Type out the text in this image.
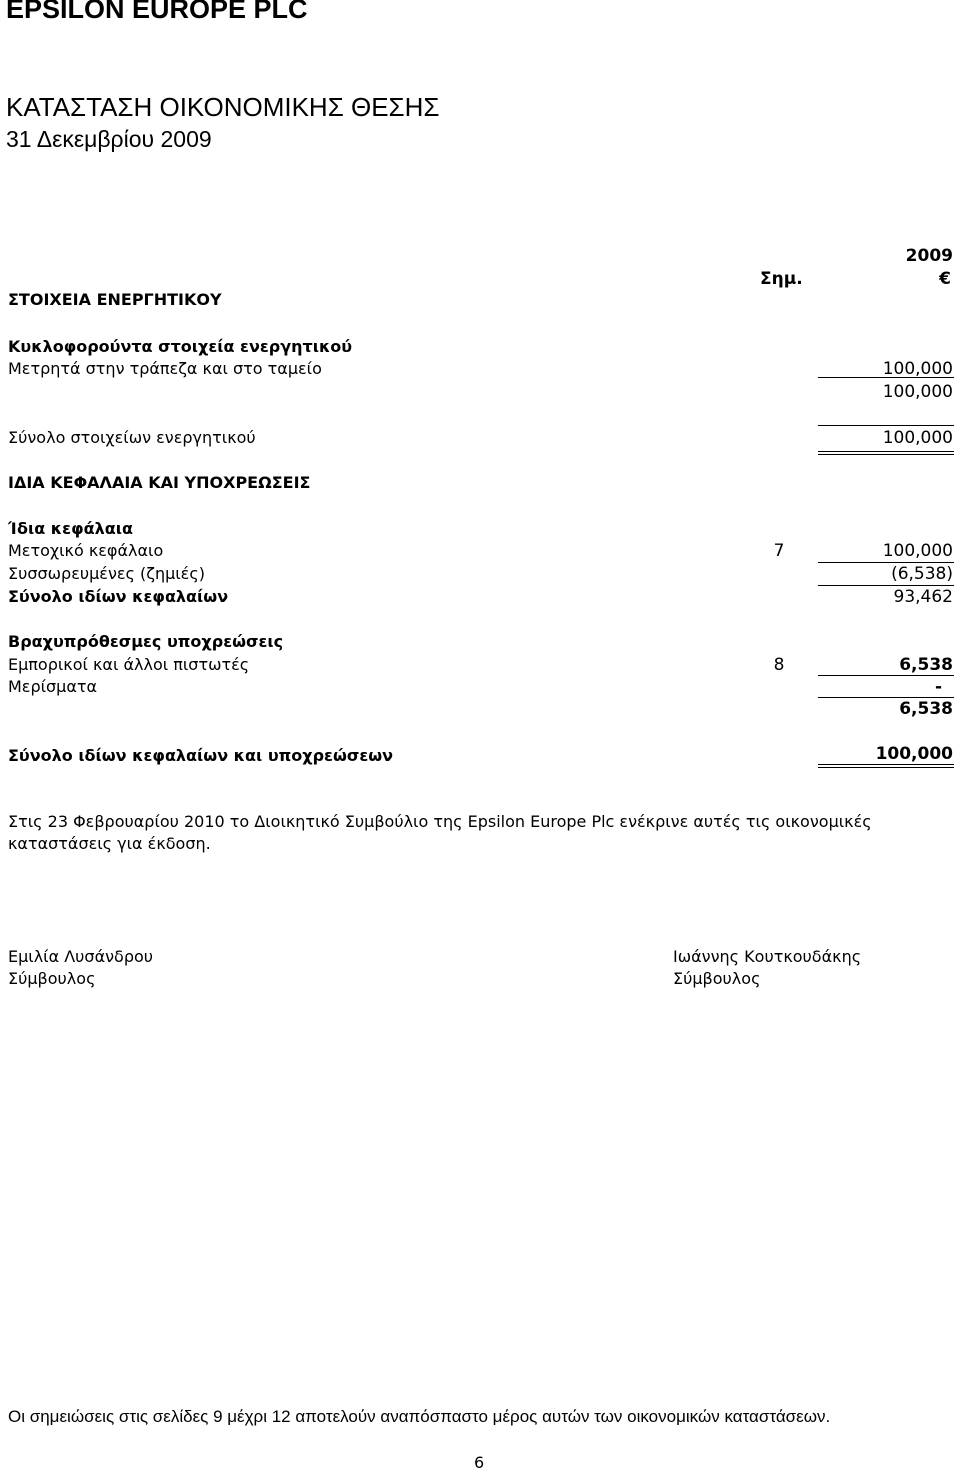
EPSILON EUROPE PLC
ΚΑΤΑΣΤΑΣΗ ΟΙΚΟΝΟΜΙΚΗΣ ΘΕΣΗΣ
31 Δεκεμβρίου 2009
2009
Σημ.	€
ΣΤΟΙΧΕΙΑ ΕΝΕΡΓΗΤΙΚΟΥ
Κυκλοφορούντα στοιχεία ενεργητικού
Μετρητά στην τράπεζα και στο ταμείο	100,000
100,000
Σύνολο στοιχείων ενεργητικού	100,000
ΙΔΙΑ ΚΕΦΑΛΑΙΑ ΚΑΙ ΥΠΟΧΡΕΩΣΕΙΣ
Ίδια κεφάλαια
Μετοχικό κεφάλαιο	7	100,000
Συσσωρευμένες (ζημιές)	(6,538)
Σύνολο ιδίων κεφαλαίων	93,462
Βραχυπρόθεσμες υποχρεώσεις
Εμπορικοί και άλλοι πιστωτές	8	6,538
Μερίσματα	-
6,538
Σύνολο ιδίων κεφαλαίων και υποχρεώσεων	100,000
Στις 23 Φεβρουαρίου 2010 το Διοικητικό Συμβούλιο της Epsilon Europe Plc ενέκρινε αυτές τις οικονομικές καταστάσεις για έκδοση.
Εμιλία Λυσάνδρου
Σύμβουλος
Ιωάννης Κουτκουδάκης
Σύμβουλος
Οι σημειώσεις στις σελίδες 9 μέχρι 12 αποτελούν αναπόσπαστο μέρος αυτών των οικονομικών καταστάσεων.
6
